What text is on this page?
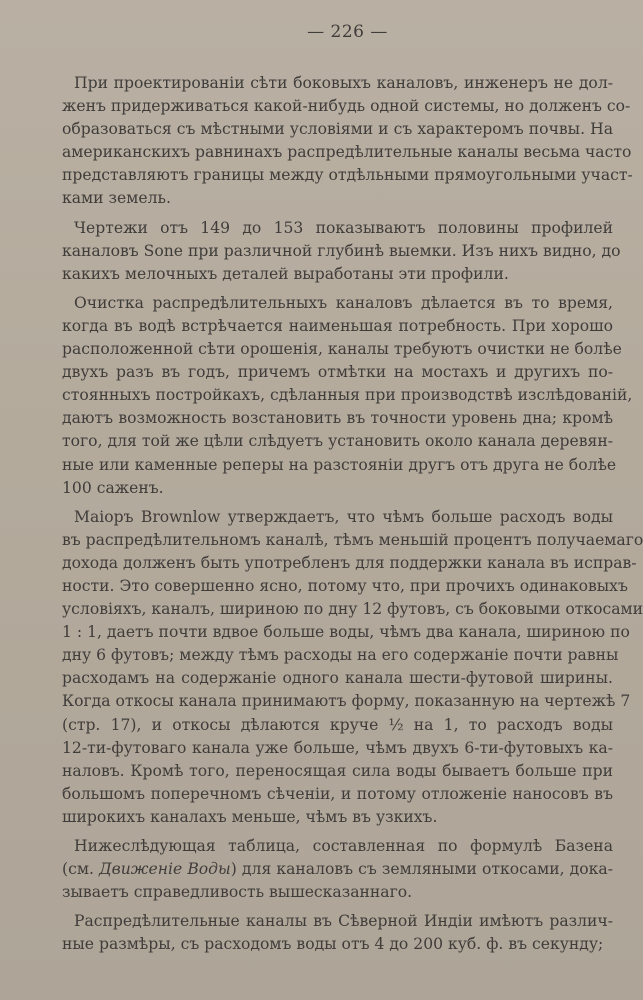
— 226 —
При проектированіи сѣти боковыхъ каналовъ, инженеръ не дол-
женъ придерживаться какой-нибудь одной системы, но долженъ со-
образоваться съ мѣстными условіями и съ характеромъ почвы. На
американскихъ равнинахъ распредѣлительные каналы весьма часто
представляютъ границы между отдѣльными прямоугольными участ-
ками земель.
Чертежи отъ 149 до 153 показываютъ половины профилей
каналовъ Sone при различной глубинѣ выемки. Изъ нихъ видно, до
какихъ мелочныхъ деталей выработаны эти профили.
Очистка распредѣлительныхъ каналовъ дѣлается въ то время,
когда въ водѣ встрѣчается наименьшая потребность. При хорошо
расположенной сѣти орошенія, каналы требуютъ очистки не болѣе
двухъ разъ въ годъ, причемъ отмѣтки на мостахъ и другихъ по-
стоянныхъ постройкахъ, сдѣланныя при производствѣ изслѣдованій,
даютъ возможность возстановить въ точности уровень дна; кромѣ
того, для той же цѣли слѣдуетъ установить около канала деревян-
ные или каменные реперы на разстояніи другъ отъ друга не болѣе
100 саженъ.
Маіоръ Brownlow утверждаетъ, что чѣмъ больше расходъ воды
въ распредѣлительномъ каналѣ, тѣмъ меньшій процентъ получаемаго
дохода долженъ быть употребленъ для поддержки канала въ исправ-
ности. Это совершенно ясно, потому что, при прочихъ одинаковыхъ
условіяхъ, каналъ, шириною по дну 12 футовъ, съ боковыми откосами
1 : 1, даетъ почти вдвое больше воды, чѣмъ два канала, шириною по
дну 6 футовъ; между тѣмъ расходы на его содержаніе почти равны
расходамъ на содержаніе одного канала шести-футовой ширины.
Когда откосы канала принимаютъ форму, показанную на чертежѣ 7
(стр. 17), и откосы дѣлаются круче ½ на 1, то расходъ воды
12-ти-футоваго канала уже больше, чѣмъ двухъ 6-ти-футовыхъ ка-
наловъ. Кромѣ того, переносящая сила воды бываетъ больше при
большомъ поперечномъ сѣченіи, и потому отложеніе наносовъ въ
широкихъ каналахъ меньше, чѣмъ въ узкихъ.
Нижеслѣдующая таблица, составленная по формулѣ Базена
(см. Движеніе Воды) для каналовъ съ земляными откосами, дока-
зываетъ справедливость вышесказаннаго.
Распредѣлительные каналы въ Сѣверной Индіи имѣютъ различ-
ные размѣры, съ расходомъ воды отъ 4 до 200 куб. ф. въ секунду;
